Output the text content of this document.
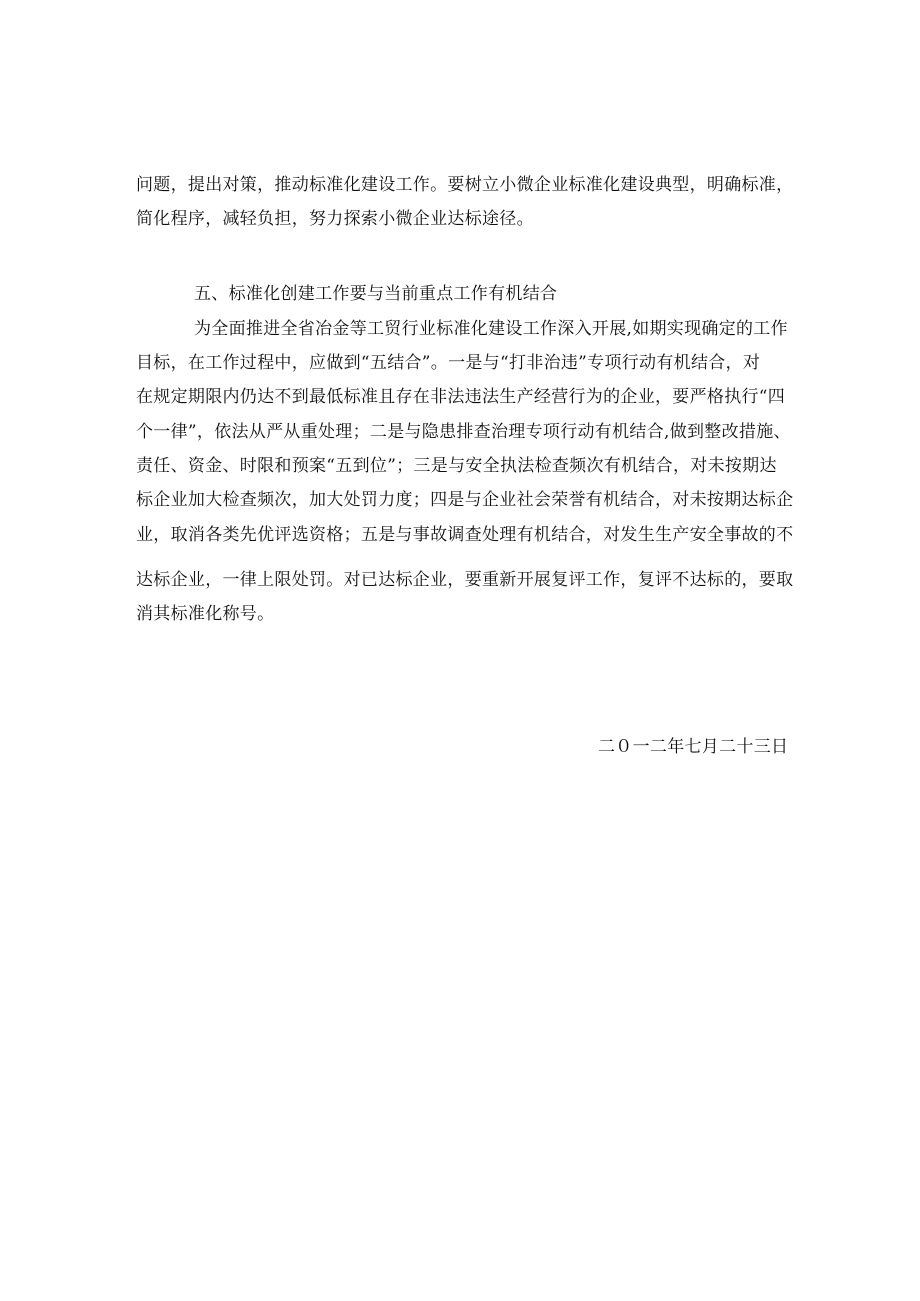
问题，提出对策，推动标准化建设工作。要树立小微企业标准化建设典型，明确标准，
简化程序，减轻负担，努力探索小微企业达标途径。
五、标准化创建工作要与当前重点工作有机结合
为全面推进全省冶金等工贸行业标准化建设工作深入开展,如期实现确定的工作
目标，在工作过程中，应做到“五结合”。一是与“打非治违”专项行动有机结合，对
在规定期限内仍达不到最低标准且存在非法违法生产经营行为的企业，要严格执行“四
个一律”，依法从严从重处理；二是与隐患排查治理专项行动有机结合,做到整改措施、
责任、资金、时限和预案“五到位”；三是与安全执法检查频次有机结合，对未按期达
标企业加大检查频次，加大处罚力度；四是与企业社会荣誉有机结合，对未按期达标企
业，取消各类先优评选资格；五是与事故调查处理有机结合，对发生生产安全事故的不
达标企业，一律上限处罚。对已达标企业，要重新开展复评工作，复评不达标的，要取
消其标准化称号。
二０一二年七月二十三日
